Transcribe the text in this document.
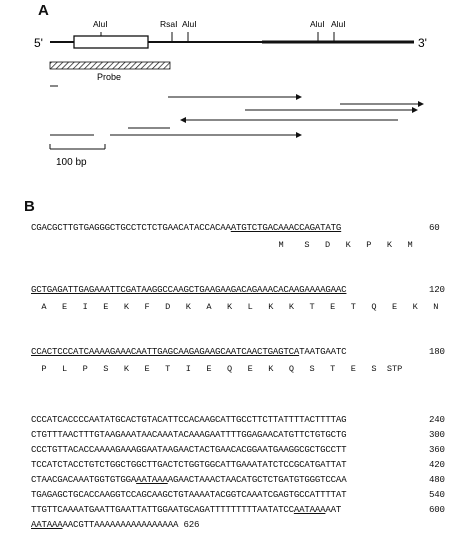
A
5'	3'
AluI	RsaI AluI	AluI AluI
Probe
100 bp
B
CGACGCTTGTGAGGGCTGCCTCTCTGAACATACCACAAATGTCTGACAAACCAGATATG	60
M    S   D   K   P   K   M
GCTGAGATTGAGAAATTCGATAAGGCCAAGCTGAAGAAGACAGAAACACAAGAAAAGAAC	120
A   E   I   E   K   F   D   K   A   K   L   K   K   T   E   T   Q   E   K   N
CCACTCCCATCAAAAGAAACAATTGAGCAAGAGAAGCAATCAACTGAGTCATAATGAATC	180
P   L   P   S   K   E   T   I   E   Q   E   K   Q   S   T   E   S  STP
CCCATCACCCCAATATGCACTGTACATTCCACAAGCATTGCCTTCTTATTTTACTTTTAG	240
CTGTTTAACTTTGTAAGAAATAACAAATACAAAGAATTTTGGAGAACATGTTCTGTGCTG	300
CCCTGTTACACCAAAAGAAAGGAATAAGAACTACTGAACACGGAATGAAGGCGCTGCCTT	360
TCCATCTACCTGTCTGGCTGGCTTGACTCTGGTGGCATTGAAATATCTCCGCATGATTAT	420
CTAACGACAAATGGTGTGGAAATAAAAGAACTAAACTAACATGCTCTGATGTGGGTCCAA	480
TGAGAGCTGCACCAAGGTCCAGCAAGCTGTAAAATACGGTCAAATCGAGTGCCATTTTAT	540
TTGTTCAAAATGAATTGAATTATTGGAATGCAGATTTTTTTTTAATATCCAATAAAAAT	600
AATAAAAACGTTAAAAAAAAAAAAAAAA 626
